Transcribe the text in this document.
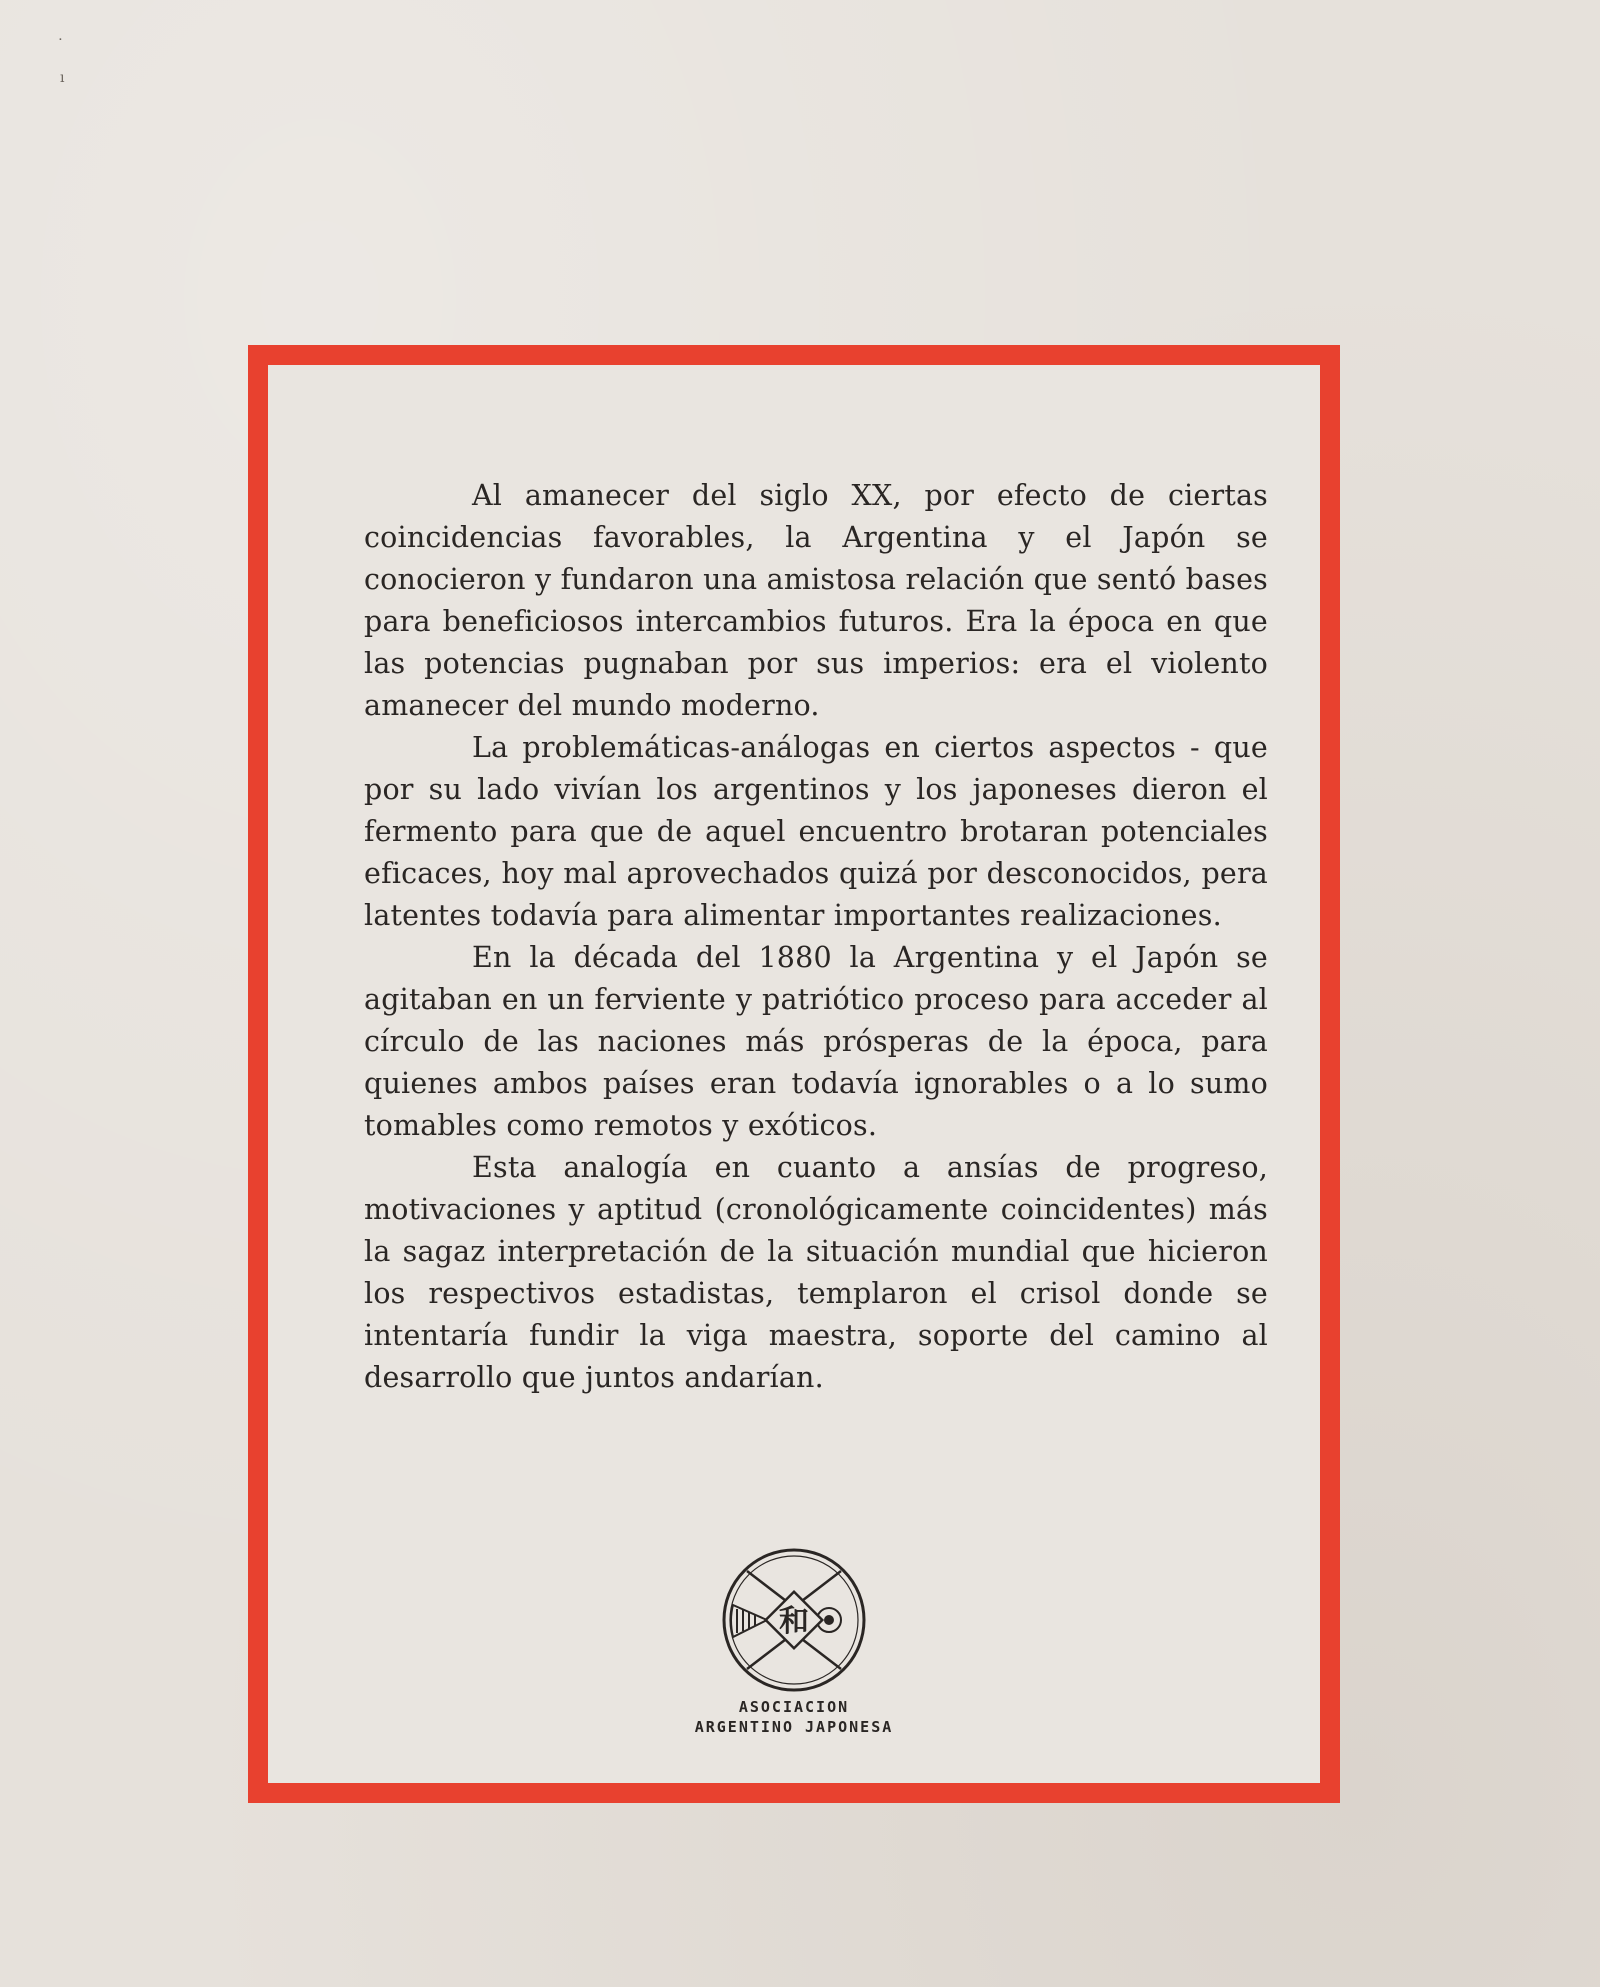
⋅
ı

Al amanecer del siglo XX, por efecto de ciertas coincidencias favorables, la Argentina y el Japón se conocieron y fundaron una amistosa relación que sentó bases para beneficiosos intercambios futuros. Era la época en que las potencias pugnaban por sus imperios: era el violento amanecer del mundo moderno.

La problemáticas-análogas en ciertos aspectos - que por su lado vivían los argentinos y los japoneses dieron el fermento para que de aquel encuentro brotaran potenciales eficaces, hoy mal aprovechados quizá por desconocidos, pera latentes todavía para alimentar importantes realizaciones.

En la década del 1880 la Argentina y el Japón se agitaban en un ferviente y patriótico proceso para acceder al círculo de las naciones más prósperas de la época, para quienes ambos países eran todavía ignorables o a lo sumo tomables como remotos y exóticos.

Esta analogía en cuanto a ansías de progreso, motivaciones y aptitud (cronológicamente coincidentes) más la sagaz interpretación de la situación mundial que hicieron los respectivos estadistas, templaron el crisol donde se intentaría fundir la viga maestra, soporte del camino al desarrollo que juntos andarían.

和
ASOCIACION
ARGENTINO JAPONESA
